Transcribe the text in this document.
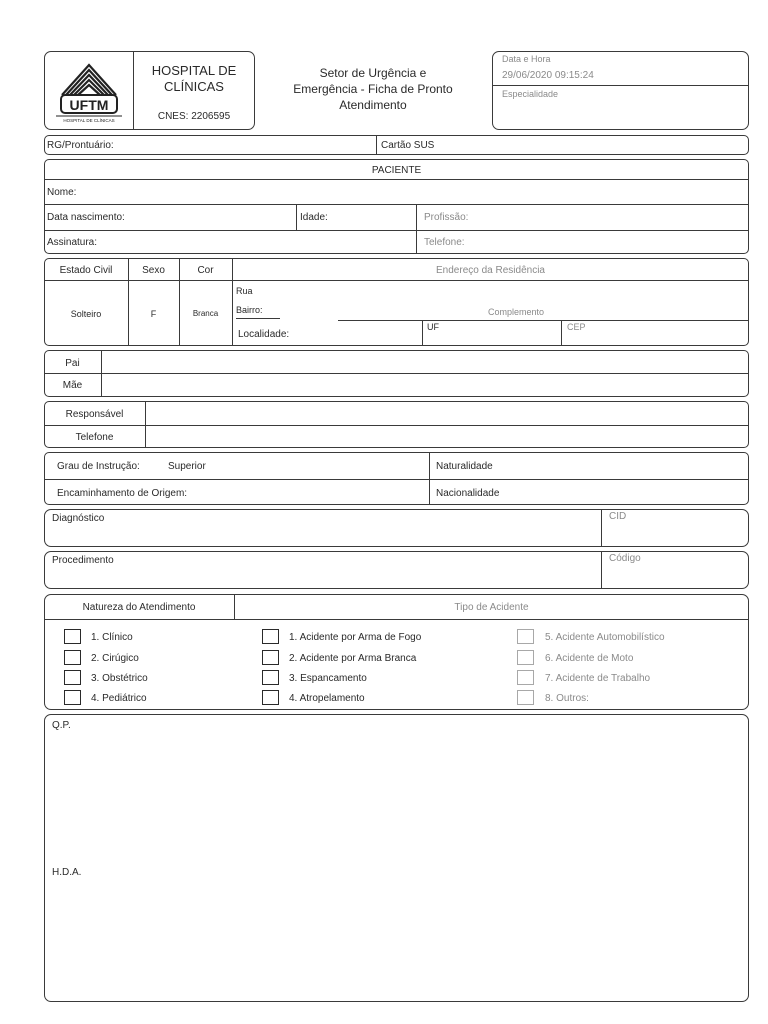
UFTM
HOSPITAL DE CLÍNICAS
HOSPITAL DE
CLÍNICAS
CNES: 2206595
Setor de Urgência e
Emergência - Ficha de Pronto
Atendimento
Data e Hora
29/06/2020 09:15:24
Especialidade
RG/Prontuário:	Cartão SUS
PACIENTE
Nome:
Data nascimento:	Idade:	Profissão:
Assinatura:	Telefone:
Estado Civil	Sexo	Cor
Solteiro	F	Branca
Endereço da Residência
Rua
Bairro:	Complemento
Localidade:
UF	CEP
Pai
Mãe
Responsável
Telefone
Grau de Instrução:	Superior	Naturalidade
Encaminhamento de Origem:	Nacionalidade
Diagnóstico	CID
Procedimento	Código
Natureza do Atendimento	Tipo de Acidente
1. Clínico
2. Cirúgico
3. Obstétrico
4. Pediátrico
1. Acidente por Arma de Fogo
2. Acidente por Arma Branca
3. Espancamento
4. Atropelamento
5. Acidente Automobilístico
6. Acidente de Moto
7. Acidente de Trabalho
8. Outros:
Q.P.
H.D.A.
